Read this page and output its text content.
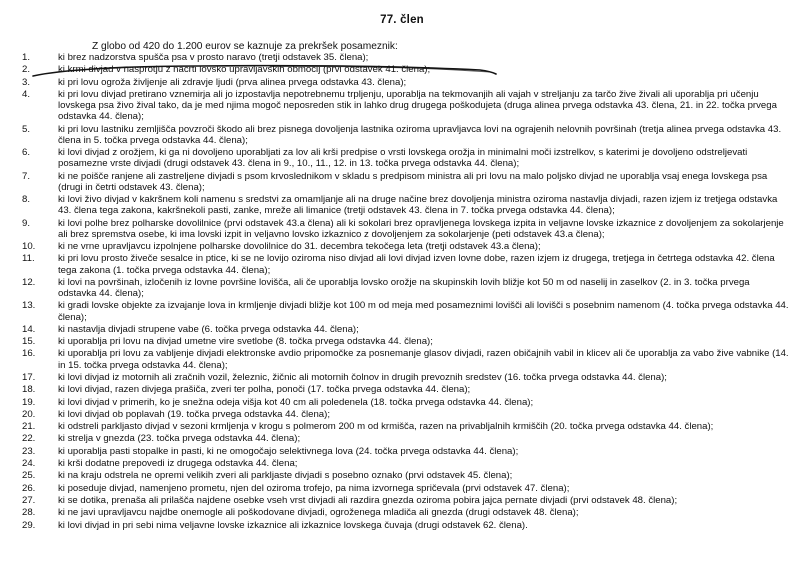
77. člen
Z globo od 420 do 1.200 eurov se kaznuje za prekršek posameznik:
1.	ki brez nadzorstva spušča psa v prosto naravo (tretji odstavek 35. člena);
2.	ki krmi divjad v nasprotju z načrti lovsko upravljavskih območij (prvi odstavek 41. člena);
3.	ki pri lovu ogroža življenje ali zdravje ljudi (prva alinea prvega odstavka 43. člena);
4.	ki pri lovu divjad pretirano vznemirja ali jo izpostavlja nepotrebnemu trpljenju, uporablja na tekmovanjih ali vajah v streljanju za tarčo žive živali ali uporablja pri učenju lovskega psa živo žival tako, da je med njima mogoč neposreden stik in lahko drug drugega poškodujeta (druga alinea prvega odstavka 43. člena, 21. in 22. točka prvega odstavka 44. člena);
5.	ki pri lovu lastniku zemljišča povzroči škodo ali brez pisnega dovoljenja lastnika oziroma upravljavca lovi na ograjenih nelovnih površinah (tretja alinea prvega odstavka 43. člena in 5. točka prvega odstavka 44. člena);
6.	ki lovi divjad z orožjem, ki ga ni dovoljeno uporabljati za lov ali krši predpise o vrsti lovskega orožja in minimalni moči izstrelkov, s katerimi je dovoljeno odstreljevati posamezne vrste divjadi (drugi odstavek 43. člena in 9., 10., 11., 12. in 13. točka prvega odstavka 44. člena);
7.	ki ne poišče ranjene ali zastreljene divjadi s psom krvoslednikom v skladu s predpisom ministra ali pri lovu na malo poljsko divjad ne uporablja vsaj enega lovskega psa (drugi in četrti odstavek 43. člena);
8.	ki lovi živo divjad v kakršnem koli namenu s sredstvi za omamljanje ali na druge načine brez dovoljenja ministra oziroma nastavlja divjadi, razen izjem iz tretjega odstavka 43. člena tega zakona, kakršnekoli pasti, zanke, mreže ali limanice (tretji odstavek 43. člena in 7. točka prvega odstavka 44. člena);
9.	ki lovi polhe brez polharske dovolilnice (prvi odstavek 43.a člena) ali ki sokolari brez opravljenega lovskega izpita in veljavne lovske izkaznice z dovoljenjem za sokolarjenje ali brez spremstva osebe, ki ima lovski izpit in veljavno lovsko izkaznico z dovoljenjem za sokolarjenje (peti odstavek 43.a člena);
10.	ki ne vrne upravljavcu izpolnjene polharske dovolilnice do 31. decembra tekočega leta (tretji odstavek 43.a člena);
11.	ki pri lovu prosto živeče sesalce in ptice, ki se ne lovijo oziroma niso divjad ali lovi divjad izven lovne dobe, razen izjem iz drugega, tretjega in četrtega odstavka 42. člena tega zakona (1. točka prvega odstavka 44. člena);
12.	ki lovi na površinah, izločenih iz lovne površine lovišča, ali če uporablja lovsko orožje na skupinskih lovih bližje kot 50 m od naselij in zaselkov (2. in 3. točka prvega odstavka 44. člena);
13.	ki gradi lovske objekte za izvajanje lova in krmljenje divjadi bližje kot 100 m od meja med posameznimi lovišči ali lovišči s posebnim namenom (4. točka prvega odstavka 44. člena);
14.	ki nastavlja divjadi strupene vabe (6. točka prvega odstavka 44. člena);
15.	ki uporablja pri lovu na divjad umetne vire svetlobe (8. točka prvega odstavka 44. člena);
16.	ki uporablja pri lovu za vabljenje divjadi elektronske avdio pripomočke za posnemanje glasov divjadi, razen običajnih vabil in klicev ali če uporablja za vabo žive vabnike (14. in 15. točka prvega odstavka 44. člena);
17.	ki lovi divjad iz motornih ali zračnih vozil, železnic, žičnic ali motornih čolnov in drugih prevoznih sredstev (16. točka prvega odstavka 44. člena);
18.	ki lovi divjad, razen divjega prašiča, zveri ter polha, ponoči (17. točka prvega odstavka 44. člena);
19.	ki lovi divjad v primerih, ko je snežna odeja višja kot 40 cm ali poledenela (18. točka prvega odstavka 44. člena);
20.	ki lovi divjad ob poplavah (19. točka prvega odstavka 44. člena);
21.	ki odstreli parkljasto divjad v sezoni krmljenja v krogu s polmerom 200 m od krmišča, razen na privabljalnih krmiščih (20. točka prvega odstavka 44. člena);
22.	ki strelja v gnezda (23. točka prvega odstavka 44. člena);
23.	ki uporablja pasti stopalke in pasti, ki ne omogočajo selektivnega lova (24. točka prvega odstavka 44. člena);
24.	ki krši dodatne prepovedi iz drugega odstavka 44. člena;
25.	ki na kraju odstrela ne opremi velikih zveri ali parkljaste divjadi s posebno oznako (prvi odstavek 45. člena);
26.	ki poseduje divjad, namenjeno prometu, njen del oziroma trofejo, pa nima izvornega spričevala (prvi odstavek 47. člena);
27.	ki se dotika, prenaša ali prilašča najdene osebke vseh vrst divjadi ali razdira gnezda oziroma pobira jajca pernate divjadi (prvi odstavek 48. člena);
28.	ki ne javi upravljavcu najdbe onemogle ali poškodovane divjadi, ogroženega mladiča ali gnezda (drugi odstavek 48. člena);
29.	ki lovi divjad in pri sebi nima veljavne lovske izkaznice ali izkaznice lovskega čuvaja (drugi odstavek 62. člena).
